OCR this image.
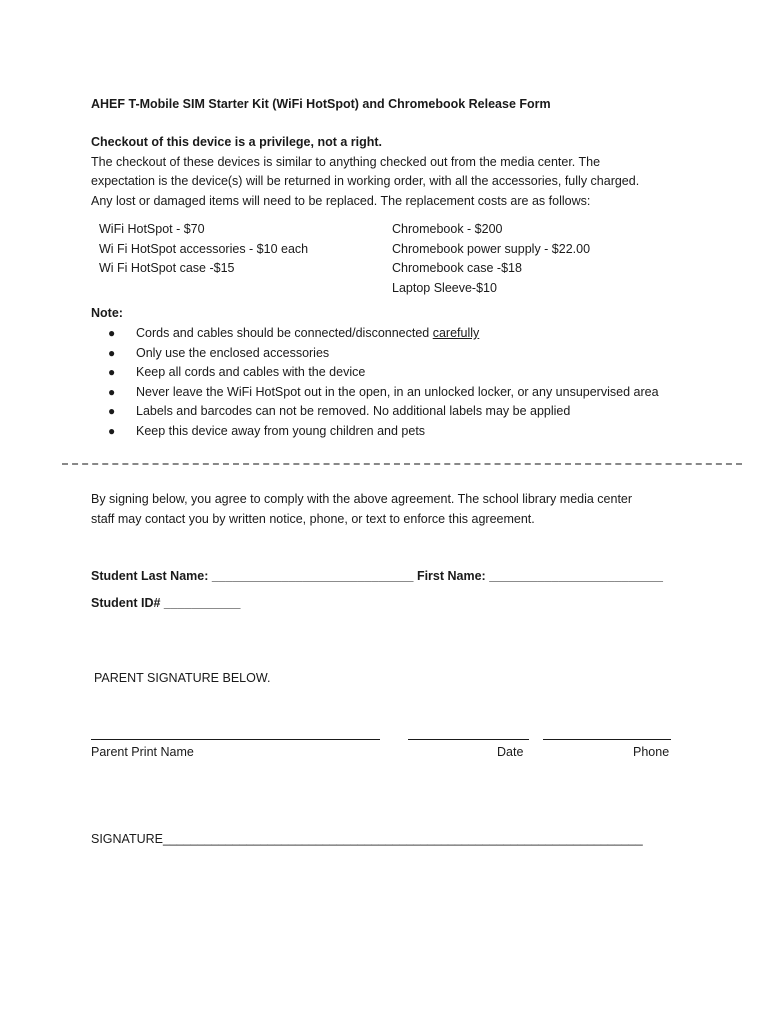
AHEF T-Mobile SIM Starter Kit (WiFi HotSpot) and Chromebook Release Form
Checkout of this device is a privilege, not a right.
The checkout of these devices is similar to anything checked out from the media center. The
expectation is the device(s) will be returned in working order, with all the accessories, fully charged.
Any lost or damaged items will need to be replaced. The replacement costs are as follows:
WiFi HotSpot - $70
Wi Fi HotSpot accessories - $10 each
Wi Fi HotSpot case -$15
Chromebook - $200
Chromebook power supply - $22.00
Chromebook case -$18
Laptop Sleeve-$10
Note:
● Cords and cables should be connected/disconnected carefully
● Only use the enclosed accessories
● Keep all cords and cables with the device
● Never leave the WiFi HotSpot out in the open, in an unlocked locker, or any unsupervised area
● Labels and barcodes can not be removed. No additional labels may be applied
● Keep this device away from young children and pets
By signing below, you agree to comply with the above agreement. The school library media center
staff may contact you by written notice, phone, or text to enforce this agreement.
Student Last Name: _____________________________ First Name: _________________________
Student ID# ___________
PARENT SIGNATURE BELOW.
Parent Print Name	Date	Phone
SIGNATURE_____________________________________________________________________
